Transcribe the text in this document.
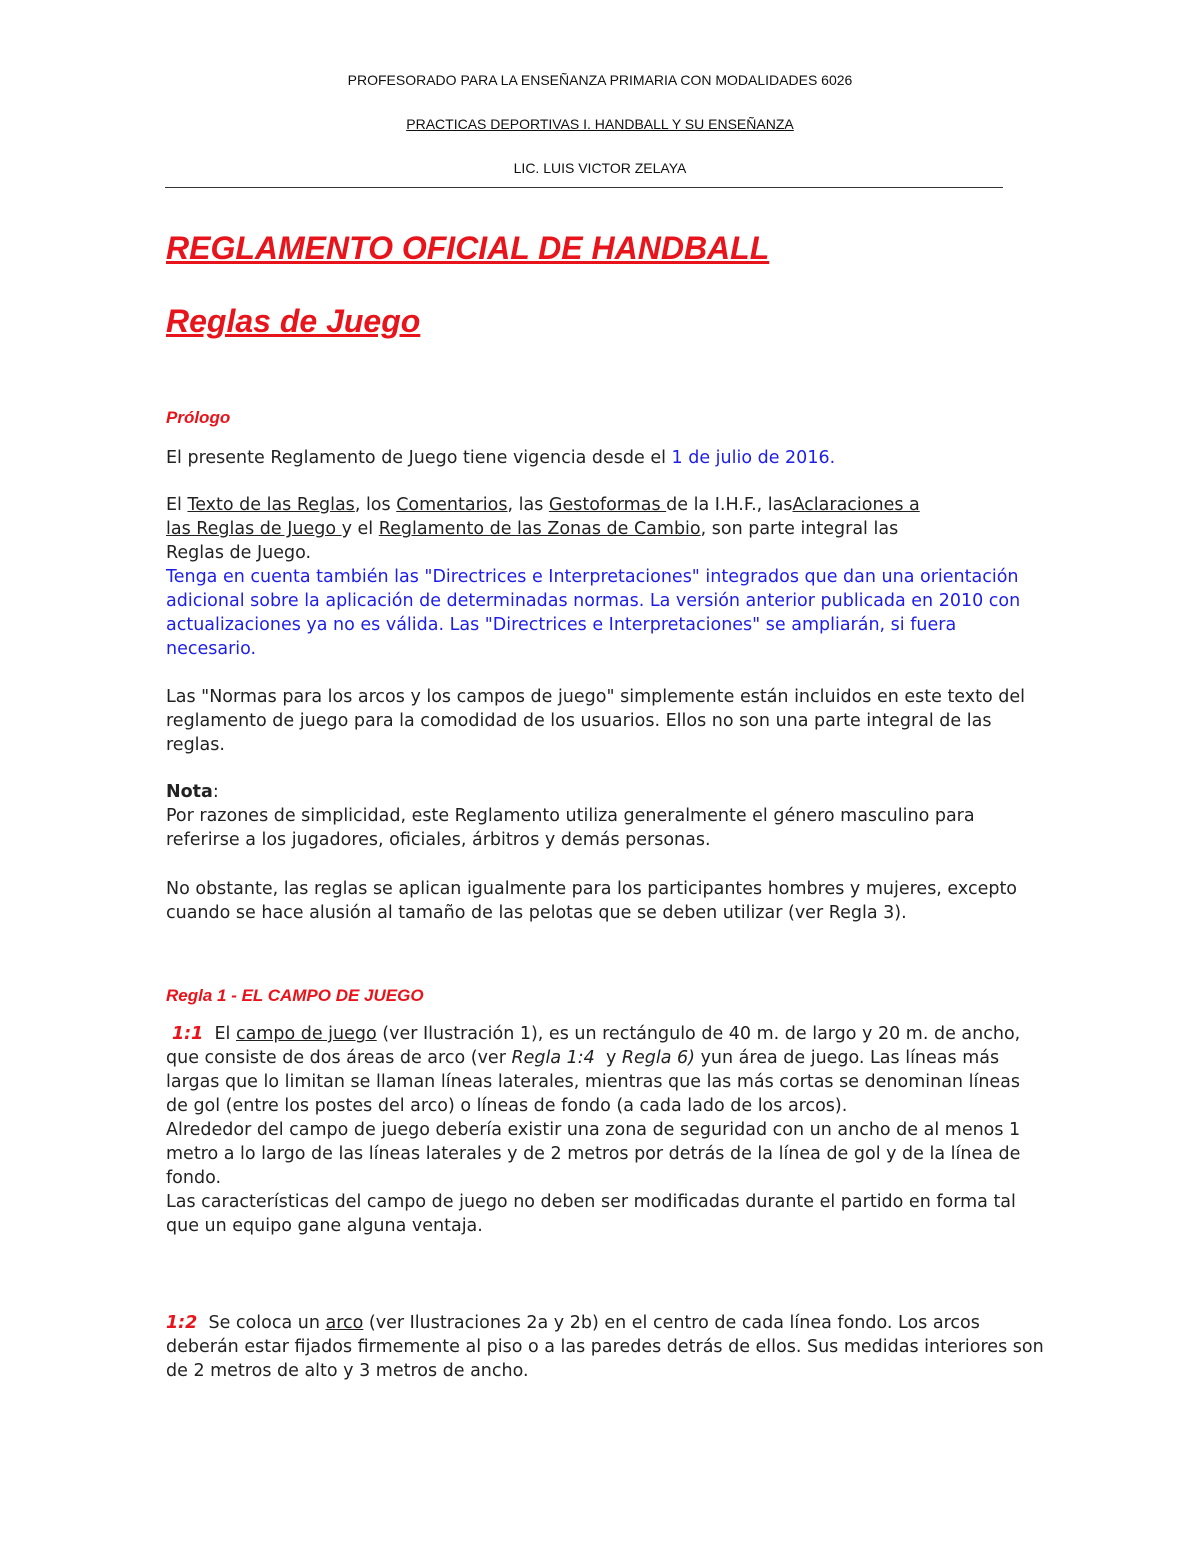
PROFESORADO PARA LA ENSEÑANZA PRIMARIA CON MODALIDADES 6026
PRACTICAS DEPORTIVAS I. HANDBALL Y SU ENSEÑANZA
LIC. LUIS VICTOR ZELAYA
REGLAMENTO OFICIAL DE HANDBALL
Reglas de Juego
Prólogo

El presente Reglamento de Juego tiene vigencia desde el 1 de julio de 2016.

El Texto de las Reglas, los Comentarios, las Gestoformas de la I.H.F., lasAclaraciones a
las Reglas de Juego y el Reglamento de las Zonas de Cambio, son parte integral las
Reglas de Juego.

Tenga en cuenta también las "Directrices e Interpretaciones" integrados que dan una orientación adicional sobre la aplicación de determinadas normas. La versión anterior publicada en 2010 con actualizaciones ya no es válida. Las "Directrices e Interpretaciones" se ampliarán, si fuera necesario.

Las "Normas para los arcos y los campos de juego" simplemente están incluidos en este texto del reglamento de juego para la comodidad de los usuarios. Ellos no son una parte integral de las reglas.

Nota:
Por razones de simplicidad, este Reglamento utiliza generalmente el género masculino para referirse a los jugadores, oficiales, árbitros y demás personas.

No obstante, las reglas se aplican igualmente para los participantes hombres y mujeres, excepto cuando se hace alusión al tamaño de las pelotas que se deben utilizar (ver Regla 3).

Regla 1 - EL CAMPO DE JUEGO

1:1  El campo de juego (ver Ilustración 1), es un rectángulo de 40 m. de largo y 20 m. de ancho, que consiste de dos áreas de arco (ver Regla 1:4  y Regla 6) yun área de juego. Las líneas más largas que lo limitan se llaman líneas laterales, mientras que las más cortas se denominan líneas de gol (entre los postes del arco) o líneas de fondo (a cada lado de los arcos).
Alrededor del campo de juego debería existir una zona de seguridad con un ancho de al menos 1 metro a lo largo de las líneas laterales y de 2 metros por detrás de la línea de gol y de la línea de fondo.
Las características del campo de juego no deben ser modificadas durante el partido en forma tal que un equipo gane alguna ventaja.

1:2  Se coloca un arco (ver Ilustraciones 2a y 2b) en el centro de cada línea fondo. Los arcos deberán estar fijados firmemente al piso o a las paredes detrás de ellos. Sus medidas interiores son de 2 metros de alto y 3 metros de ancho.
